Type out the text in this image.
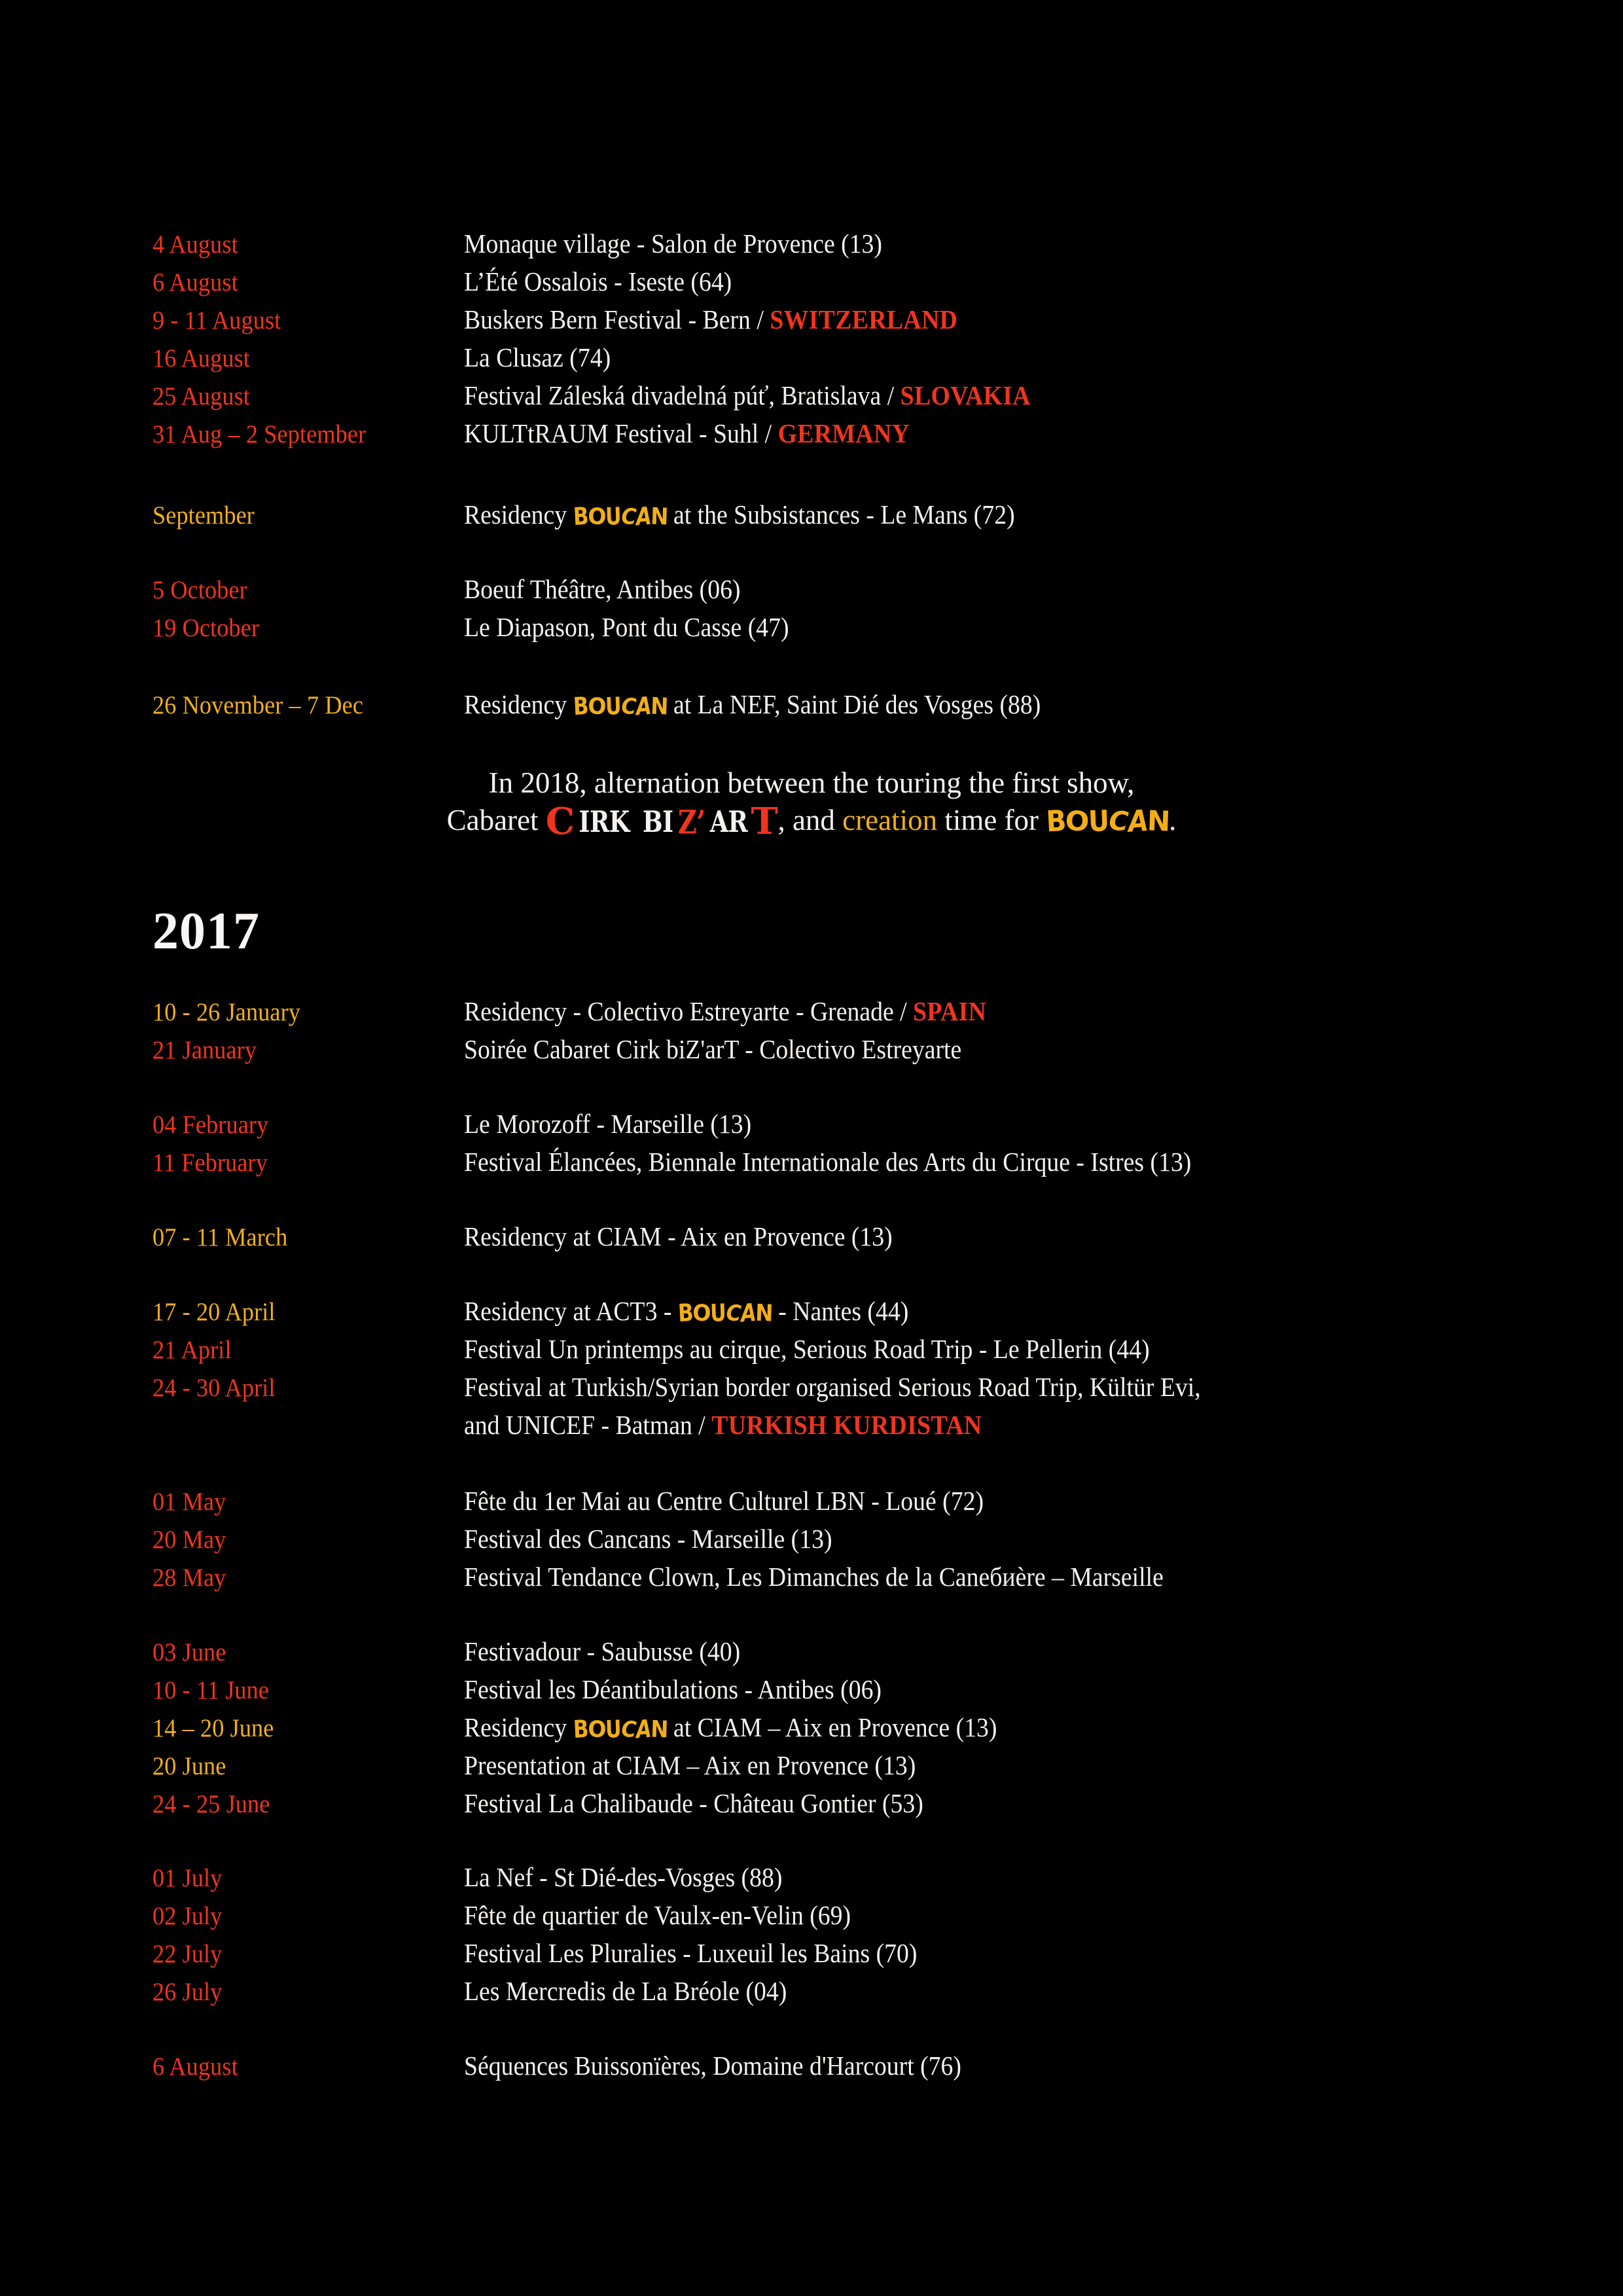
4 August	Monaque village - Salon de Provence (13)
6 August	L’Été Ossalois - Iseste (64)
9 - 11 August	Buskers Bern Festival - Bern / SWITZERLAND
16 August	La Clusaz (74)
25 August	Festival Záleská divadelná púť, Bratislava / SLOVAKIA
31 Aug – 2 September	KULTtRAUM Festival - Suhl / GERMANY
September	Residency BOUCAN at the Subsistances - Le Mans (72)
5 October	Boeuf Théâtre, Antibes (06)
19 October	Le Diapason, Pont du Casse (47)
26 November – 7 Dec	Residency BOUCAN at La NEF, Saint Dié des Vosges (88)
In 2018, alternation between the touring the first show,
Cabaret C IRK BI Z’ ART, and creation time for BOUCAN.
2017
10 - 26 January	Residency - Colectivo Estreyarte - Grenade / SPAIN
21 January	Soirée Cabaret Cirk biZ'arT - Colectivo Estreyarte
04 February	Le Morozoff - Marseille (13)
11 February	Festival Élancées, Biennale Internationale des Arts du Cirque - Istres (13)
07 - 11 March	Residency at CIAM - Aix en Provence (13)
17 - 20 April	Residency at ACT3 - BOUCAN - Nantes (44)
21 April	Festival Un printemps au cirque, Serious Road Trip - Le Pellerin (44)
24 - 30 April	Festival at Turkish/Syrian border organised Serious Road Trip, Kültür Evi,
and UNICEF - Batman / TURKISH KURDISTAN
01 May	Fête du 1er Mai au Centre Culturel LBN - Loué (72)
20 May	Festival des Cancans - Marseille (13)
28 May	Festival Tendance Clown, Les Dimanches de la Caneбиère – Marseille
03 June	Festivadour - Saubusse (40)
10 - 11 June	Festival les Déantibulations - Antibes (06)
14 – 20 June	Residency BOUCAN at CIAM – Aix en Provence (13)
20 June	Presentation at CIAM – Aix en Provence (13)
24 - 25 June	Festival La Chalibaude - Château Gontier (53)
01 July	La Nef - St Dié-des-Vosges (88)
02 July	Fête de quartier de Vaulx-en-Velin (69)
22 July	Festival Les Pluralies - Luxeuil les Bains (70)
26 July	Les Mercredis de La Bréole (04)
6 August	Séquences Buissonïères, Domaine d'Harcourt (76)
